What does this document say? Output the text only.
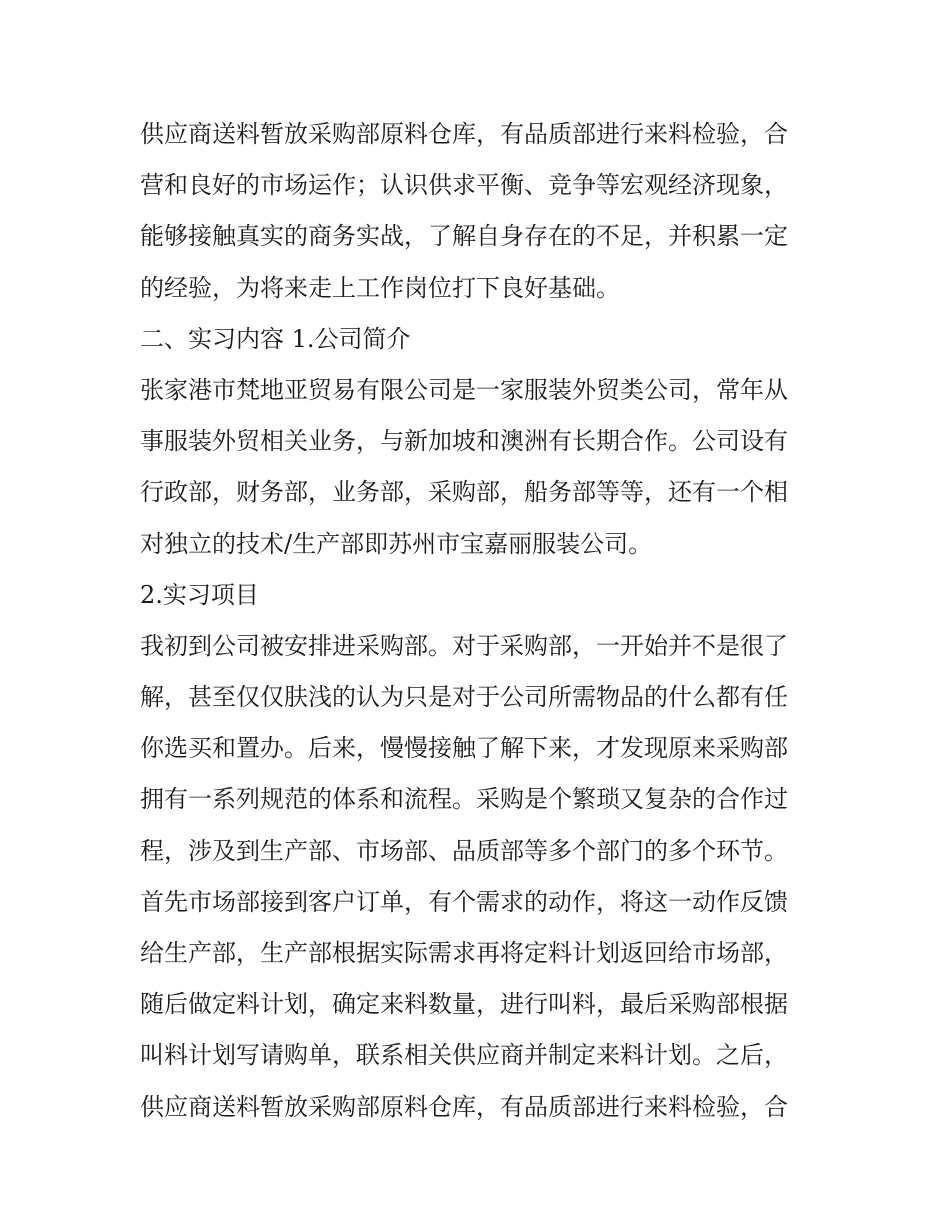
供应商送料暂放采购部原料仓库，有品质部进行来料检验，合
营和良好的市场运作；认识供求平衡、竞争等宏观经济现象，
能够接触真实的商务实战，了解自身存在的不足，并积累一定
的经验，为将来走上工作岗位打下良好基础。
二、实习内容 1.公司简介
张家港市梵地亚贸易有限公司是一家服装外贸类公司，常年从
事服装外贸相关业务，与新加坡和澳洲有长期合作。公司设有
行政部，财务部，业务部，采购部，船务部等等，还有一个相
对独立的技术/生产部即苏州市宝嘉丽服装公司。
2.实习项目
我初到公司被安排进采购部。对于采购部，一开始并不是很了
解，甚至仅仅肤浅的认为只是对于公司所需物品的什么都有任
你选买和置办。后来，慢慢接触了解下来，才发现原来采购部
拥有一系列规范的体系和流程。采购是个繁琐又复杂的合作过
程，涉及到生产部、市场部、品质部等多个部门的多个环节。
首先市场部接到客户订单，有个需求的动作，将这一动作反馈
给生产部，生产部根据实际需求再将定料计划返回给市场部，
随后做定料计划，确定来料数量，进行叫料，最后采购部根据
叫料计划写请购单，联系相关供应商并制定来料计划。之后，
供应商送料暂放采购部原料仓库，有品质部进行来料检验，合
